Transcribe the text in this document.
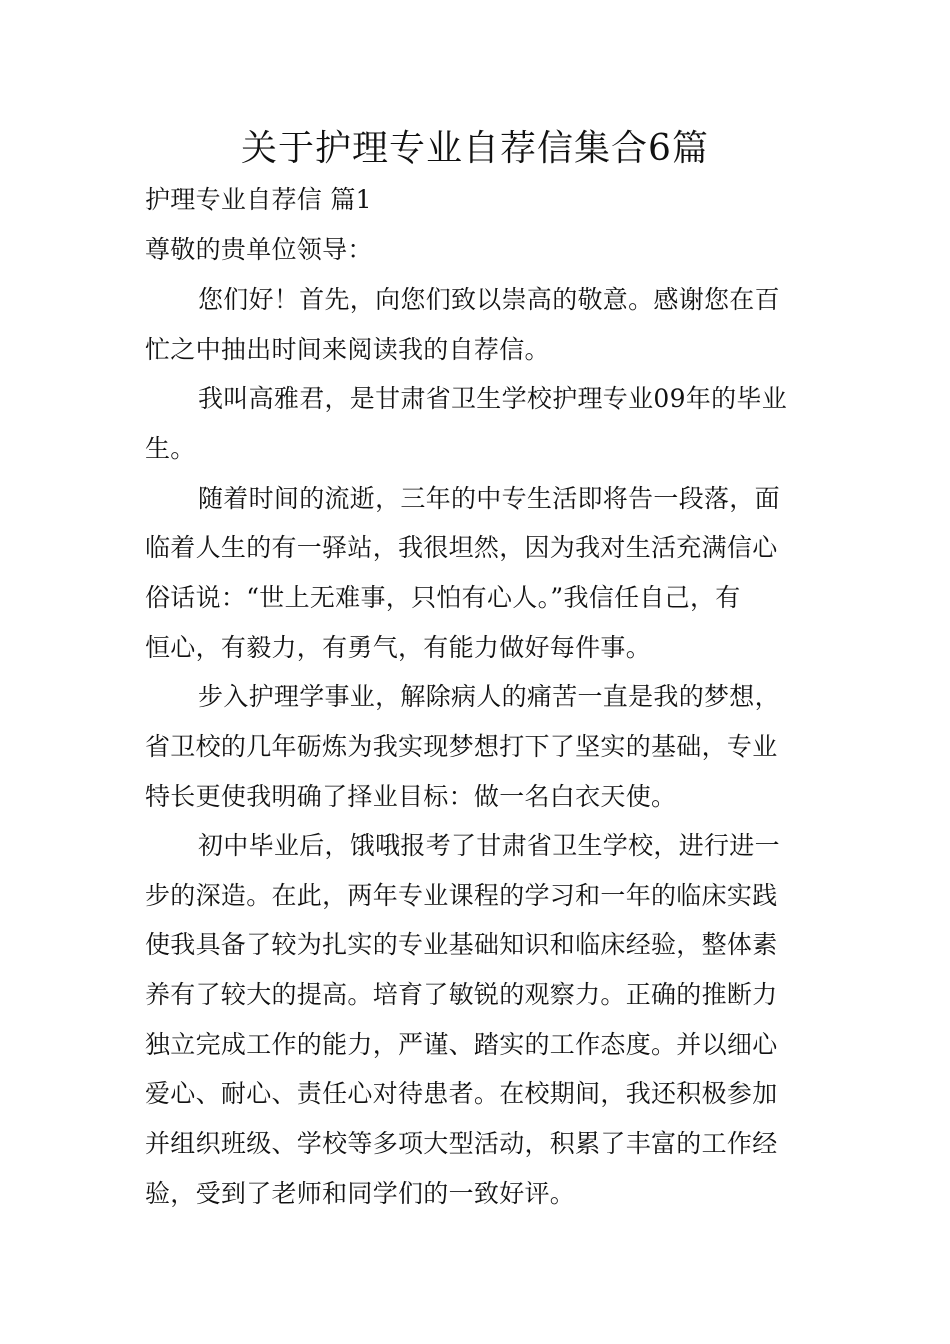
关于护理专业自荐信集合6篇

护理专业自荐信 篇1

尊敬的贵单位领导：

您们好！首先，向您们致以崇高的敬意。感谢您在百

忙之中抽出时间来阅读我的自荐信。

我叫高雅君，是甘肃省卫生学校护理专业09年的毕业

生。

随着时间的流逝，三年的中专生活即将告一段落，面

临着人生的有一驿站，我很坦然，因为我对生活充满信心

俗话说：“世上无难事，只怕有心人。”我信任自己，有

恒心，有毅力，有勇气，有能力做好每件事。

步入护理学事业，解除病人的痛苦一直是我的梦想，

省卫校的几年砺炼为我实现梦想打下了坚实的基础，专业

特长更使我明确了择业目标：做一名白衣天使。

初中毕业后，饿哦报考了甘肃省卫生学校，进行进一

步的深造。在此，两年专业课程的学习和一年的临床实践

使我具备了较为扎实的专业基础知识和临床经验，整体素

养有了较大的提高。培育了敏锐的观察力。正确的推断力

独立完成工作的能力，严谨、踏实的工作态度。并以细心

爱心、耐心、责任心对待患者。在校期间，我还积极参加

并组织班级、学校等多项大型活动，积累了丰富的工作经

验，受到了老师和同学们的一致好评。
